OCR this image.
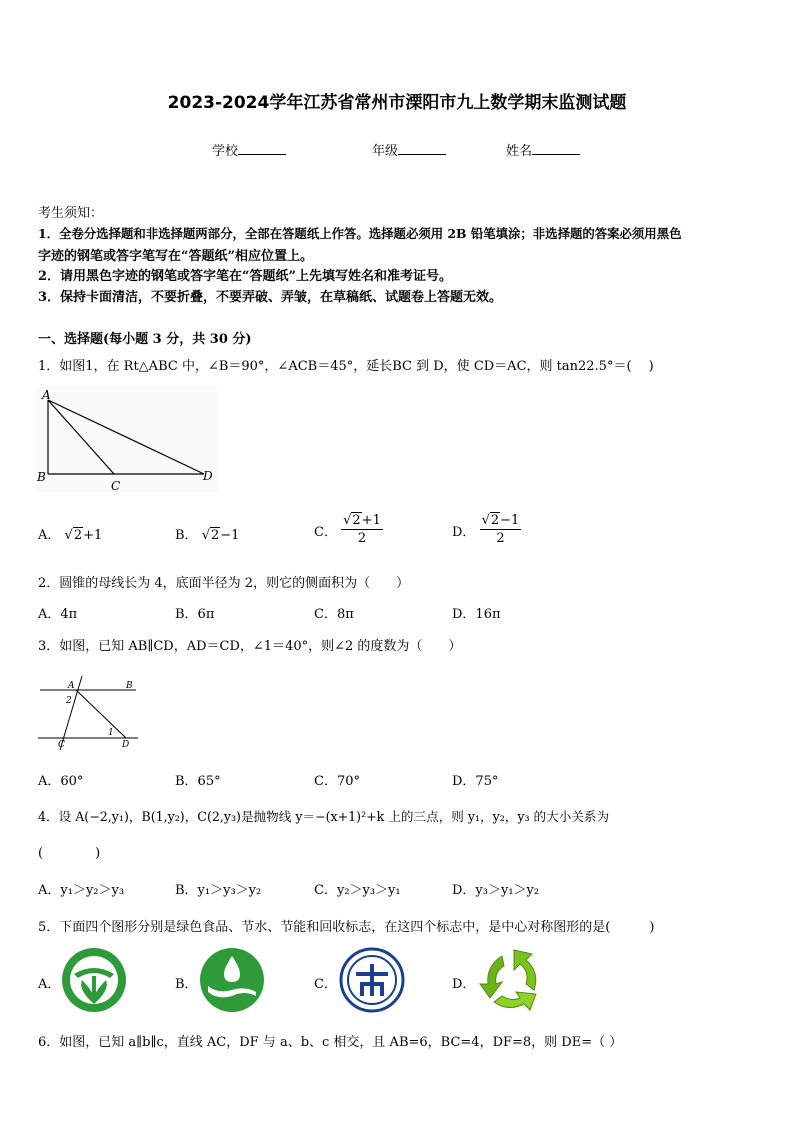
2023-2024学年江苏省常州市溧阳市九上数学期末监测试题
学校	年级	姓名
考生须知：
1．全卷分选择题和非选择题两部分，全部在答题纸上作答。选择题必须用 2B 铅笔填涂；非选择题的答案必须用黑色
字迹的钢笔或答字笔写在“答题纸”相应位置上。
2．请用黑色字迹的钢笔或答字笔在“答题纸”上先填写姓名和准考证号。
3．保持卡面清洁，不要折叠，不要弄破、弄皱，在草稿纸、试题卷上答题无效。
一、选择题(每小题 3 分，共 30 分)
1．如图1，在 Rt△ABC 中，∠B＝90°，∠ACB＝45°，延长BC 到 D，使 CD＝AC，则 tan22.5°＝(　 )
A
B
C
D
A． √2+1	B． √2−1	C． $\frac{√2+1}{2}$	D． $\frac{√2-1}{2}$
2．圆锥的母线长为 4，底面半径为 2，则它的侧面积为（　　）
A．4π	B．6π	C．8π	D．16π
3．如图，已知 AB∥CD，AD＝CD，∠1＝40°，则∠2 的度数为（　　）
A	B
2
C	D
1
A．60°	B．65°	C．70°	D．75°
4．设 A(−2,y₁)，B(1,y₂)，C(2,y₃)是抛物线 y＝−(x+1)²+k 上的三点，则 y₁，y₂，y₃ 的大小关系为
(　　　　)
A．y₁＞y₂＞y₃	B．y₁＞y₃＞y₂	C．y₂＞y₃＞y₁	D．y₃＞y₁＞y₂
5．下面四个图形分别是绿色食品、节水、节能和回收标志，在这四个标志中，是中心对称图形的是(　　　)
A．	B．	C．	D．
6．如图，已知 a∥b∥c，直线 AC，DF 与 a、b、c 相交，且 AB=6，BC=4，DF=8，则 DE=（ ）
